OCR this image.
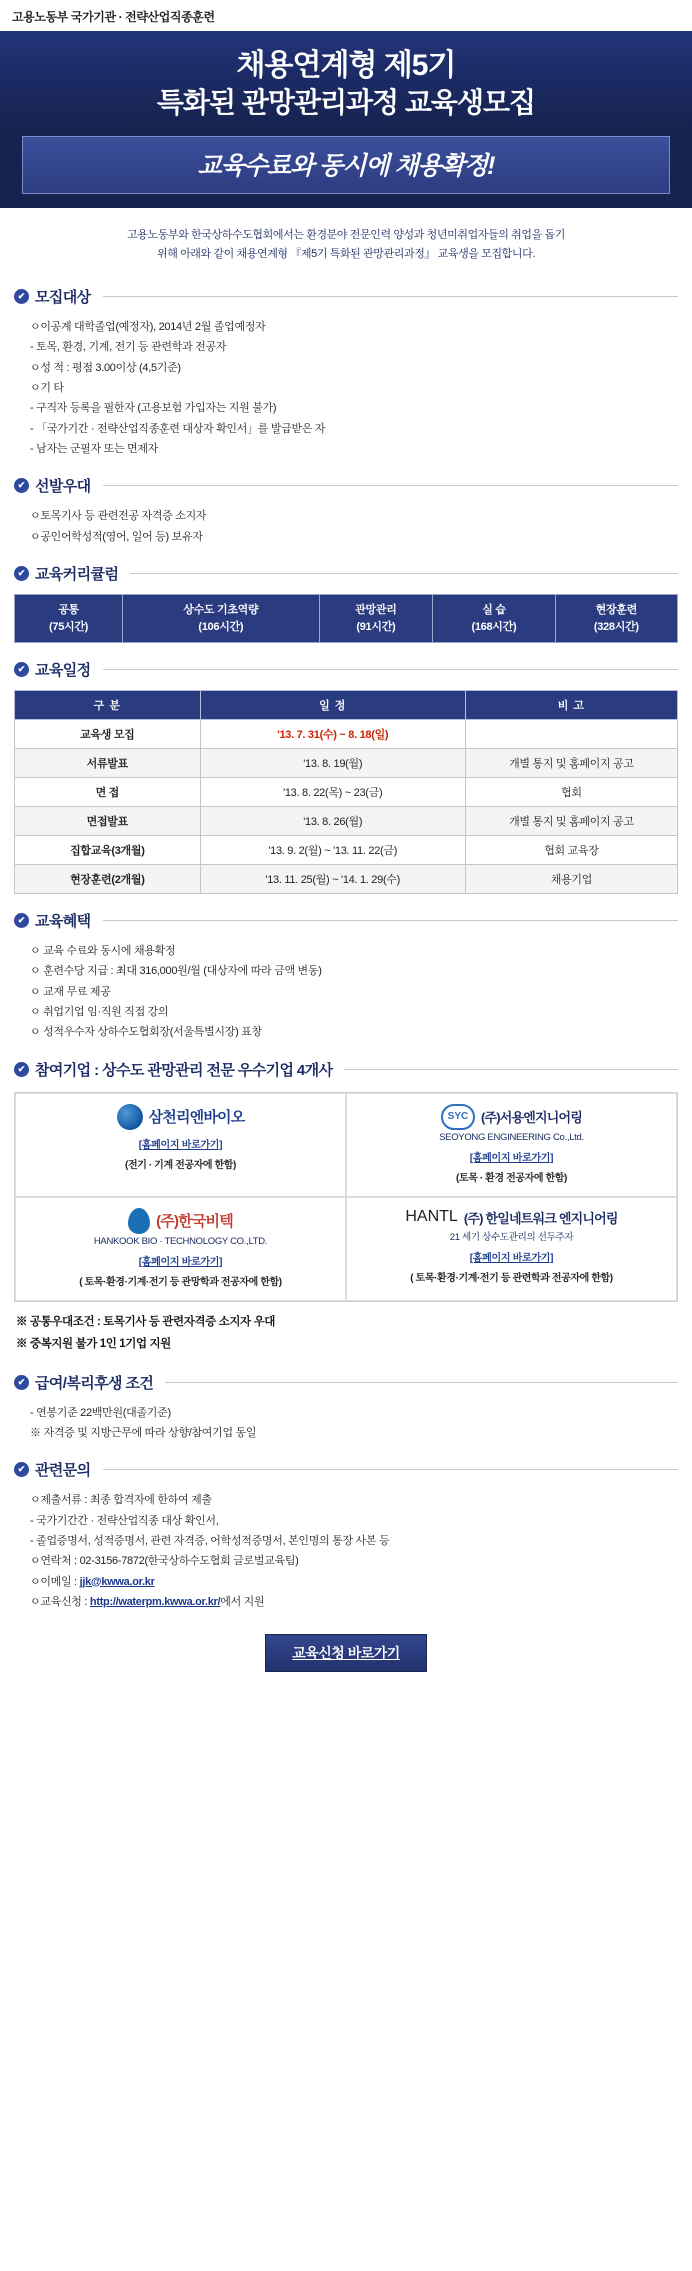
고용노동부 국가기관 · 전략산업직종훈련
채용연계형 제5기
특화된 관망관리과정 교육생모집
교육수료와 동시에 채용확정!
고용노동부와 한국상하수도협회에서는 환경분야 전문인력 양성과 청년미취업자들의 취업을 돕기
위해 아래와 같이 채용연계형 『제5기 특화된 관망관리과정』 교육생을 모집합니다.
✔ 모집대상
ㅇ이공계 대학졸업(예정자), 2014년 2월 졸업예정자
- 토목, 환경, 기계, 전기 등 관련학과 전공자
ㅇ성 적 : 평점 3.00이상 (4,5기준)
ㅇ기 타
- 구직자 등록을 필한자 (고용보험 가입자는 지원 불가)
- 「국가기간 · 전략산업직종훈련 대상자 확인서」를 발급받은 자
- 남자는 군필자 또는 면제자
✔ 선발우대
ㅇ토목기사 등 관련전공 자격증 소지자
ㅇ공인어학성적(영어, 일어 등) 보유자
✔ 교육커리큘럼
공통
(75시간)

상수도 기초역량
(106시간)

관망관리
(91시간)

실 습
(168시간)

현장훈련
(328시간)
✔ 교육일정
구 분	일 정	비 고
교육생 모집	'13. 7. 31(수) ~ 8. 18(일)	
서류발표	'13. 8. 19(월)	개별 통지 및 홈페이지 공고
면 접	'13. 8. 22(목) ~ 23(금)	협회
면접발표	'13. 8. 26(월)	개별 통지 및 홈페이지 공고
집합교육(3개월)	'13. 9. 2(월) ~ '13. 11. 22(금)	협회 교육장
현장훈련(2개월)	'13. 11. 25(월) ~ '14. 1. 29(수)	채용기업
✔ 교육혜택
ㅇ 교육 수료와 동시에 채용확정
ㅇ 훈련수당 지급 : 최대 316,000원/월 (대상자에 따라 금액 변동)
ㅇ 교재 무료 제공
ㅇ 취업기업 임·직원 직접 강의
ㅇ 성적우수자 상하수도협회장(서울특별시장) 표창
✔ 참여기업 : 상수도 관망관리 전문 우수기업 4개사
삼천리엔바이오
[홈페이지 바로가기]
(전기 · 기계 전공자에 한함)
SYC (주)서용엔지니어링
SEOYONG ENGINEERING Co.,Ltd.
[홈페이지 바로가기]
(토목 · 환경 전공자에 한함)
(주)한국비텍
HANKOOK BIO · TECHNOLOGY CO.,LTD.
[홈페이지 바로가기]
( 토목·환경·기계·전기 등 관망학과 전공자에 한함)
HANTL (주) 한일네트워크 엔지니어링
21 세기 상수도관리의 선두주자
[홈페이지 바로가기]
( 토목·환경·기계·전기 등 관련학과 전공자에 한함)
※ 공통우대조건 : 토목기사 등 관련자격증 소지자 우대
※ 중복지원 불가 1인 1기업 지원
✔ 급여/복리후생 조건
- 연봉기준 22백만원(대졸기준)
※ 자격증 및 지방근무에 따라 상향/참여기업 동일
✔ 관련문의
ㅇ제출서류 : 최종 합격자에 한하여 제출
- 국가기간간 · 전략산업직종 대상 확인서,
- 졸업증명서, 성적증명서, 관련 자격증, 어학성적증명서, 본인명의 통장 사본 등
ㅇ연락처 : 02-3156-7872(한국상하수도협회 글로벌교육팀)
ㅇ이메일 : jjk@kwwa.or.kr
ㅇ교육신청 : http://waterpm.kwwa.or.kr/에서 지원
교육신청 바로가기
